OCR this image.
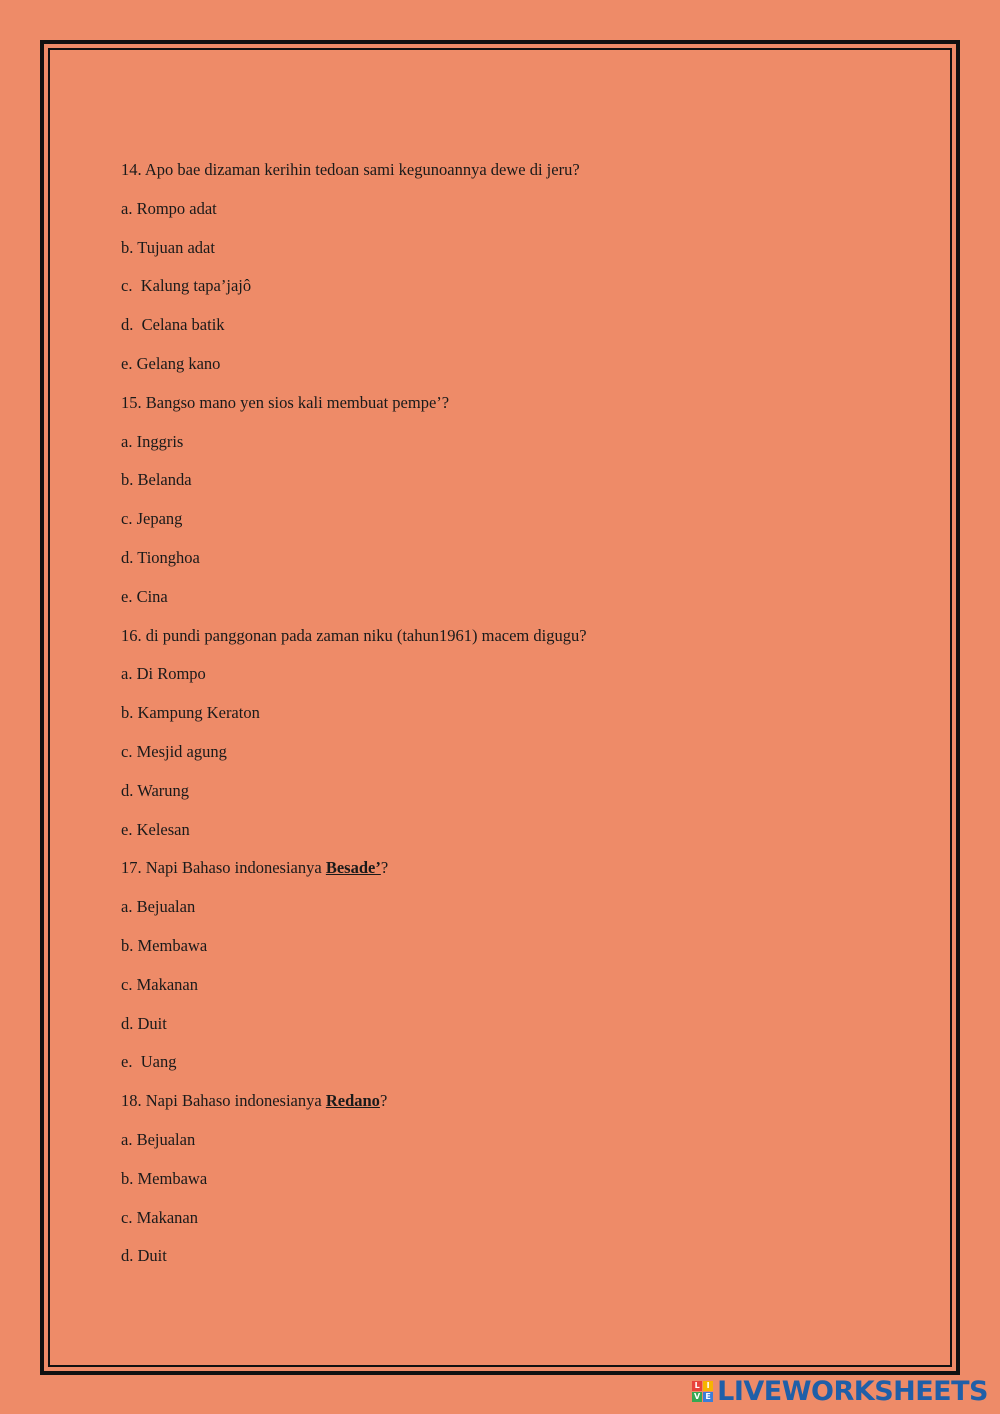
14. Apo bae dizaman kerihin tedoan sami kegunoannya dewe di jeru?
a. Rompo adat
b. Tujuan adat
c.  Kalung tapa’jajô
d.  Celana batik
e. Gelang kano
15. Bangso mano yen sios kali membuat pempe’?
a. Inggris
b. Belanda
c. Jepang
d. Tionghoa
e. Cina
16. di pundi panggonan pada zaman niku (tahun1961) macem digugu?
a. Di Rompo
b. Kampung Keraton
c. Mesjid agung
d. Warung
e. Kelesan
17. Napi Bahaso indonesianya Besade’?
a. Bejualan
b. Membawa
c. Makanan
d. Duit
e.  Uang
18. Napi Bahaso indonesianya Redano?
a. Bejualan
b. Membawa
c. Makanan
d. Duit
L I
V E LIVEWORKSHEETS
